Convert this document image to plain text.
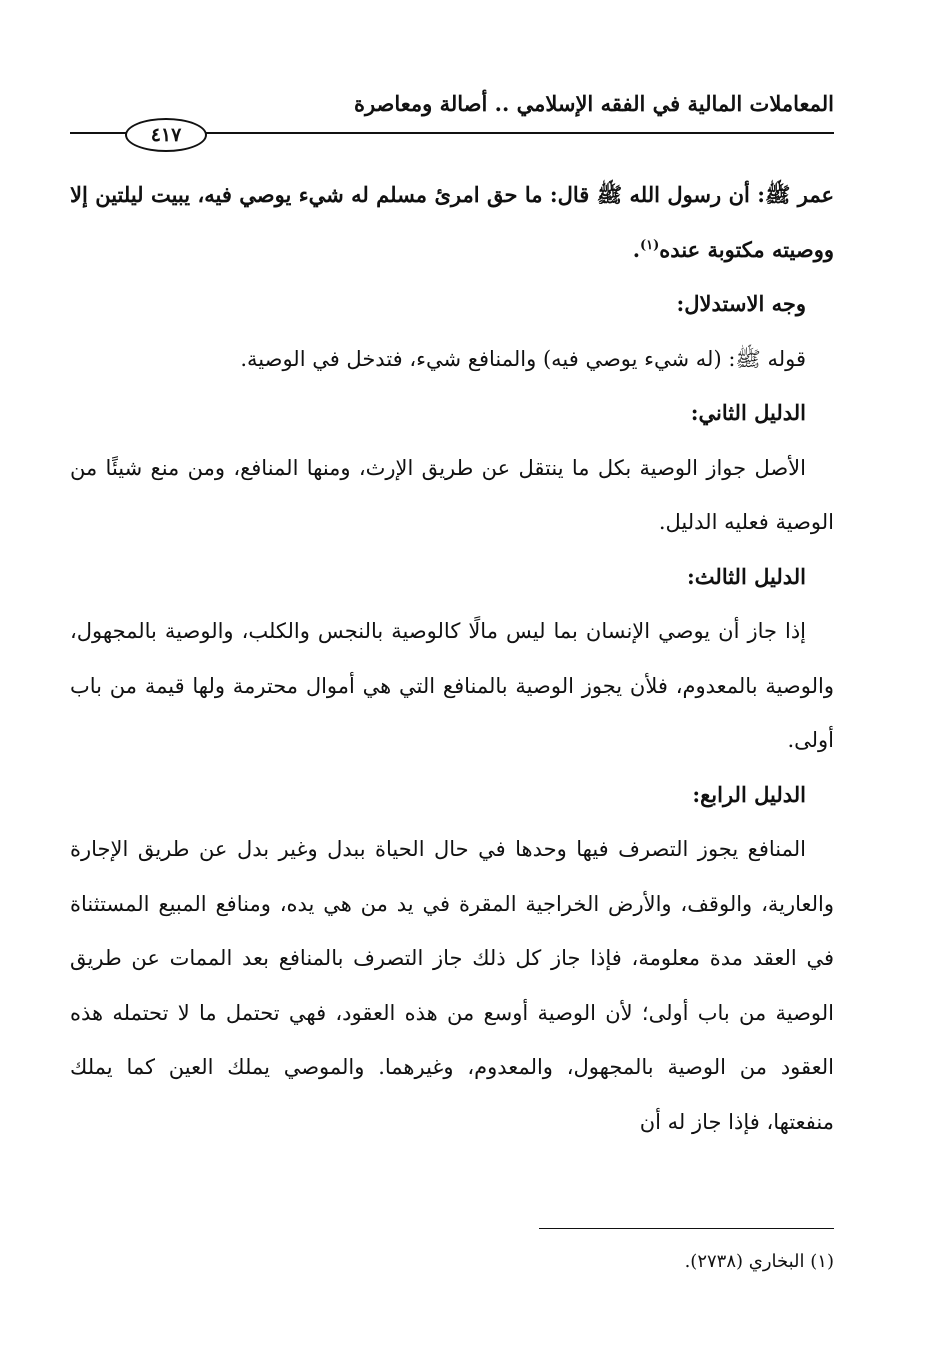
المعاملات المالية في الفقه الإسلامي .. أصالة ومعاصرة
٤١٧

عمر ﷺ: أن رسول الله ﷺ قال: ما حق امرئ مسلم له شيء يوصي فيه، يبيت ليلتين إلا ووصيته مكتوبة عنده$^{(١)}$.

وجه الاستدلال:

قوله ﷺ: (له شيء يوصي فيه) والمنافع شيء، فتدخل في الوصية.

الدليل الثاني:

الأصل جواز الوصية بكل ما ينتقل عن طريق الإرث، ومنها المنافع، ومن منع شيئًا من الوصية فعليه الدليل.

الدليل الثالث:

إذا جاز أن يوصي الإنسان بما ليس مالًا كالوصية بالنجس والكلب، والوصية بالمجهول، والوصية بالمعدوم، فلأن يجوز الوصية بالمنافع التي هي أموال محترمة ولها قيمة من باب أولى.

الدليل الرابع:

المنافع يجوز التصرف فيها وحدها في حال الحياة ببدل وغير بدل عن طريق الإجارة والعارية، والوقف، والأرض الخراجية المقرة في يد من هي يده، ومنافع المبيع المستثناة في العقد مدة معلومة، فإذا جاز كل ذلك جاز التصرف بالمنافع بعد الممات عن طريق الوصية من باب أولى؛ لأن الوصية أوسع من هذه العقود، فهي تحتمل ما لا تحتمله هذه العقود من الوصية بالمجهول، والمعدوم، وغيرهما. والموصي يملك العين كما يملك منفعتها، فإذا جاز له أن

(١) البخاري (٢٧٣٨).
